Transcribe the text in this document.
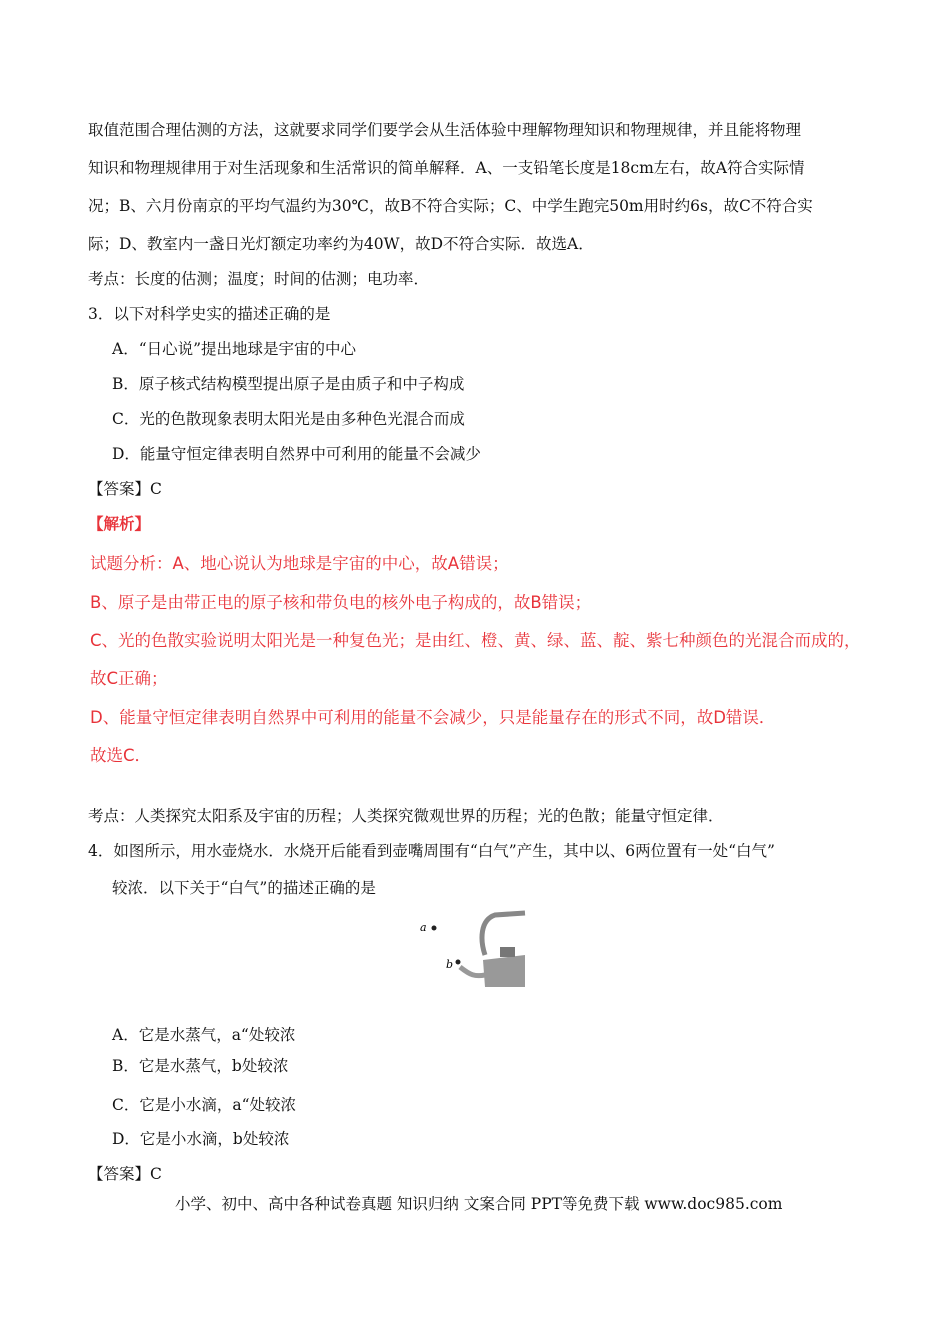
取值范围合理估测的方法，这就要求同学们要学会从生活体验中理解物理知识和物理规律，并且能将物理
知识和物理规律用于对生活现象和生活常识的简单解释．A、一支铅笔长度是18cm左右，故A符合实际情
况；B、六月份南京的平均气温约为30℃，故B不符合实际；C、中学生跑完50m用时约6s，故C不符合实
际；D、教室内一盏日光灯额定功率约为40W，故D不符合实际．故选A．
考点：长度的估测；温度；时间的估测；电功率．
3．以下对科学史实的描述正确的是
A．“日心说”提出地球是宇宙的中心
B．原子核式结构模型提出原子是由质子和中子构成
C．光的色散现象表明太阳光是由多种色光混合而成
D．能量守恒定律表明自然界中可利用的能量不会减少
【答案】C
【解析】
试题分析：A、地心说认为地球是宇宙的中心，故A错误；
B、原子是由带正电的原子核和带负电的核外电子构成的，故B错误；
C、光的色散实验说明太阳光是一种复色光；是由红、橙、黄、绿、蓝、靛、紫七种颜色的光混合而成的，
故C正确；
D、能量守恒定律表明自然界中可利用的能量不会减少，只是能量存在的形式不同，故D错误．
故选C．
考点：人类探究太阳系及宇宙的历程；人类探究微观世界的历程；光的色散；能量守恒定律．
4．如图所示，用水壶烧水．水烧开后能看到壶嘴周围有“白气”产生，其中以、6两位置有一处“白气”
较浓．以下关于“白气”的描述正确的是
a
b
A．它是水蒸气，a“处较浓
B．它是水蒸气，b处较浓
C．它是小水滴，a“处较浓
D．它是小水滴，b处较浓
【答案】C
小学、初中、高中各种试卷真题 知识归纳 文案合同 PPT等免费下载 www.doc985.com
